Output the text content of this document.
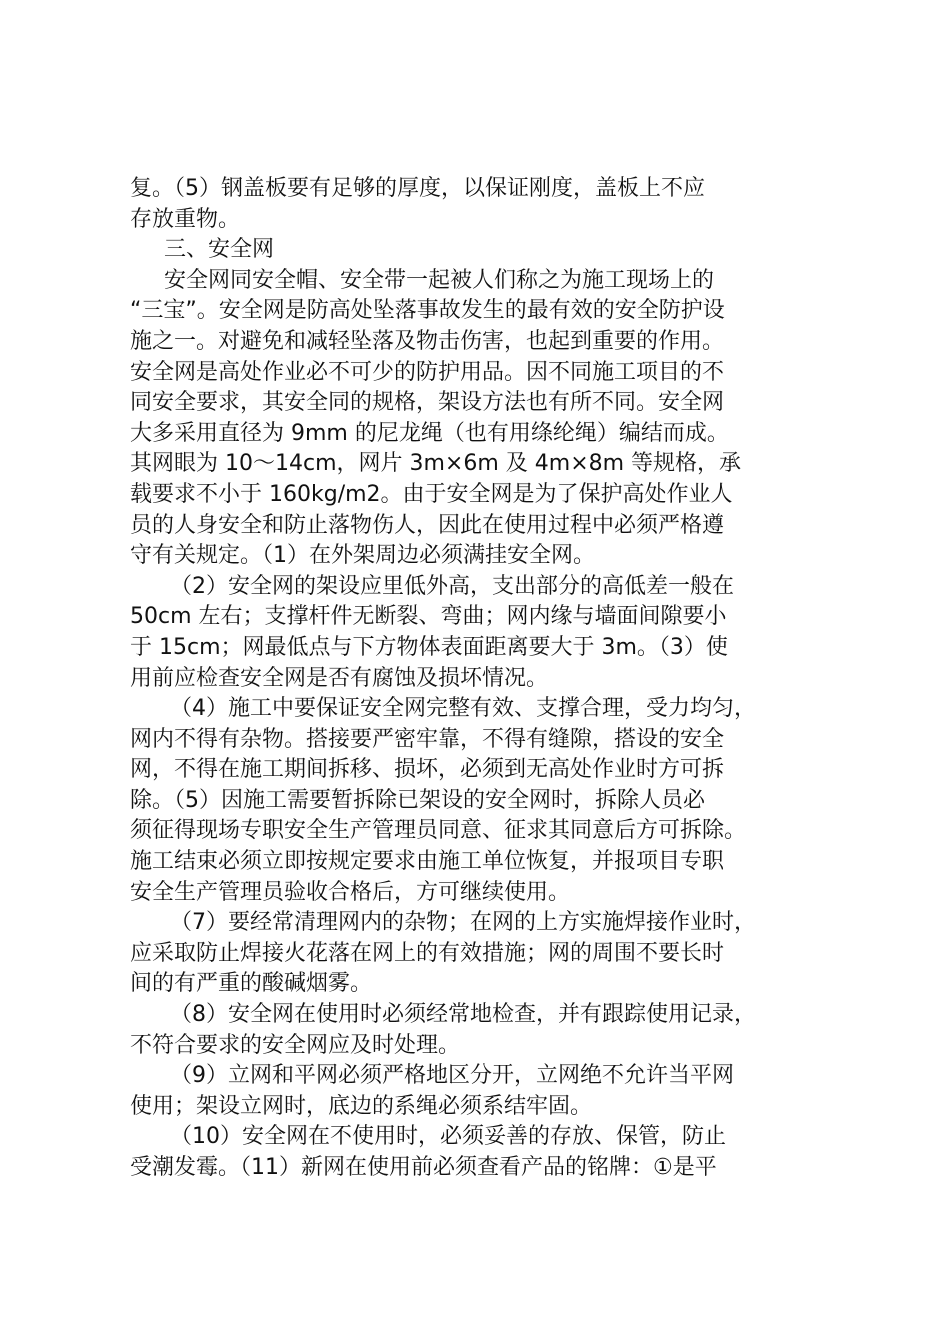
复。（5）钢盖板要有足够的厚度，以保证刚度，盖板上不应
存放重物。
三、安全网
安全网同安全帽、安全带一起被人们称之为施工现场上的
“三宝”。安全网是防高处坠落事故发生的最有效的安全防护设
施之一。对避免和减轻坠落及物击伤害，也起到重要的作用。
安全网是高处作业必不可少的防护用品。因不同施工项目的不
同安全要求，其安全同的规格，架设方法也有所不同。安全网
大多采用直径为 9mm 的尼龙绳（也有用绦纶绳）编结而成。
其网眼为 10～14cm，网片 3m×6m 及 4m×8m 等规格，承
载要求不小于 160kg/m2。由于安全网是为了保护高处作业人
员的人身安全和防止落物伤人，因此在使用过程中必须严格遵
守有关规定。（1）在外架周边必须满挂安全网。
（2）安全网的架设应里低外高，支出部分的高低差一般在
50cm 左右；支撑杆件无断裂、弯曲；网内缘与墙面间隙要小
于 15cm；网最低点与下方物体表面距离要大于 3m。（3）使
用前应检查安全网是否有腐蚀及损坏情况。
（4）施工中要保证安全网完整有效、支撑合理，受力均匀，
网内不得有杂物。搭接要严密牢靠，不得有缝隙，搭设的安全
网，不得在施工期间拆移、损坏，必须到无高处作业时方可拆
除。（5）因施工需要暂拆除已架设的安全网时，拆除人员必
须征得现场专职安全生产管理员同意、征求其同意后方可拆除。
施工结束必须立即按规定要求由施工单位恢复，并报项目专职
安全生产管理员验收合格后，方可继续使用。
（7）要经常清理网内的杂物；在网的上方实施焊接作业时，
应采取防止焊接火花落在网上的有效措施；网的周围不要长时
间的有严重的酸碱烟雾。
（8）安全网在使用时必须经常地检查，并有跟踪使用记录，
不符合要求的安全网应及时处理。
（9）立网和平网必须严格地区分开，立网绝不允许当平网
使用；架设立网时，底边的系绳必须系结牢固。
（10）安全网在不使用时，必须妥善的存放、保管，防止
受潮发霉。（11）新网在使用前必须查看产品的铭牌：①是平
